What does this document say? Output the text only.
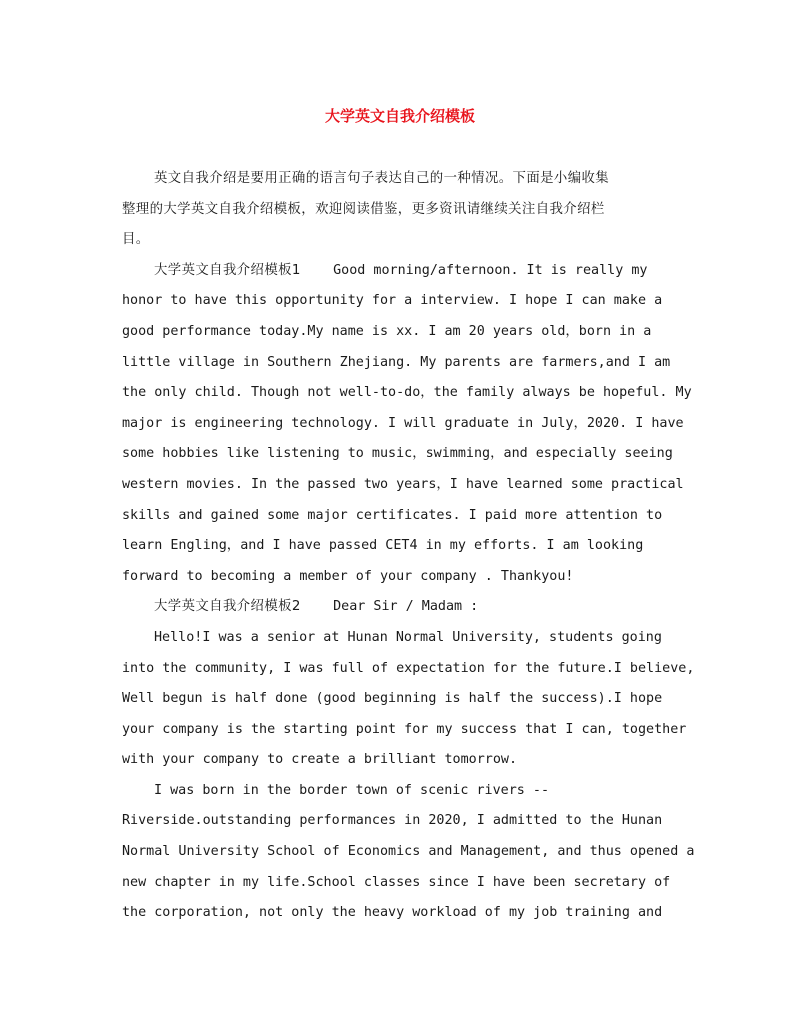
大学英文自我介绍模板
英文自我介绍是要用正确的语言句子表达自己的一种情况。下面是小编收集
整理的大学英文自我介绍模板，欢迎阅读借鉴，更多资讯请继续关注自我介绍栏
目。
大学英文自我介绍模板1 Good morning/afternoon. It is really my
honor to have this opportunity for a interview. I hope I can make a
good performance today.My name is xx. I am 20 years old，born in a
little village in Southern Zhejiang. My parents are farmers,and I am
the only child. Though not well-to-do，the family always be hopeful. My
major is engineering technology. I will graduate in July，2020. I have
some hobbies like listening to music，swimming，and especially seeing
western movies. In the passed two years，I have learned some practical
skills and gained some major certificates. I paid more attention to
learn Engling，and I have passed CET4 in my efforts. I am looking
forward to becoming a member of your company . Thankyou!
大学英文自我介绍模板2 Dear Sir / Madam :
Hello!I was a senior at Hunan Normal University, students going
into the community, I was full of expectation for the future.I believe,
Well begun is half done (good beginning is half the success).I hope
your company is the starting point for my success that I can, together
with your company to create a brilliant tomorrow.
I was born in the border town of scenic rivers --
Riverside.outstanding performances in 2020, I admitted to the Hunan
Normal University School of Economics and Management, and thus opened a
new chapter in my life.School classes since I have been secretary of
the corporation, not only the heavy workload of my job training and
